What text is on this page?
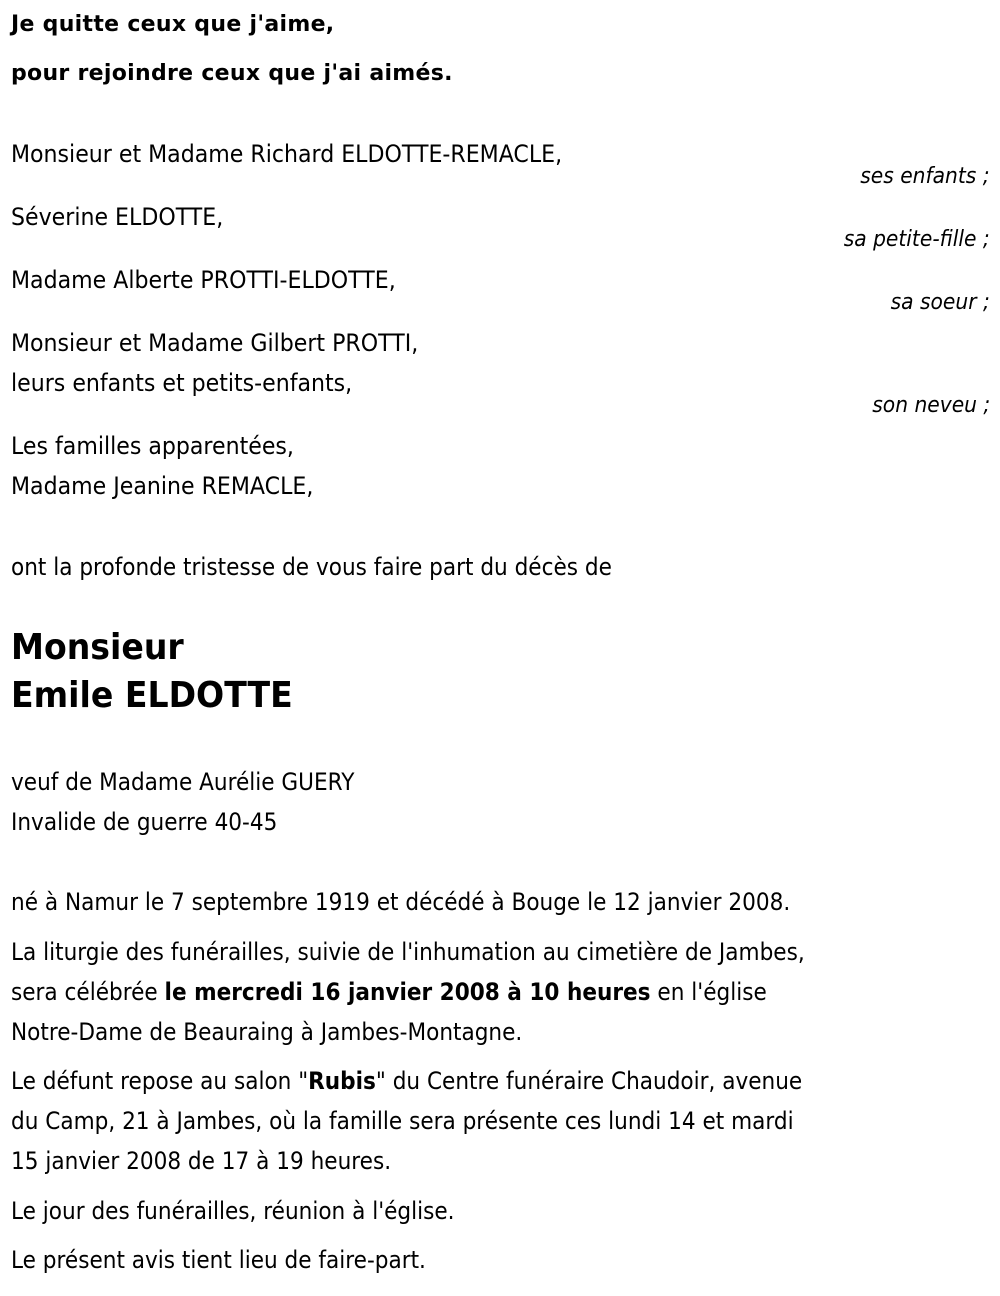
Je quitte ceux que j'aime,
pour rejoindre ceux que j'ai aimés.
Monsieur et Madame Richard ELDOTTE-REMACLE,
ses enfants ;
Séverine ELDOTTE,
sa petite-fille ;
Madame Alberte PROTTI-ELDOTTE,
sa soeur ;
Monsieur et Madame Gilbert PROTTI,
leurs enfants et petits-enfants,
son neveu ;
Les familles apparentées,
Madame Jeanine REMACLE,
ont la profonde tristesse de vous faire part du décès de
Monsieur
Emile ELDOTTE
veuf de Madame Aurélie GUERY
Invalide de guerre 40-45
né à Namur le 7 septembre 1919 et décédé à Bouge le 12 janvier 2008.
La liturgie des funérailles, suivie de l'inhumation au cimetière de Jambes,
sera célébrée le mercredi 16 janvier 2008 à 10 heures en l'église
Notre-Dame de Beauraing à Jambes-Montagne.
Le défunt repose au salon "Rubis" du Centre funéraire Chaudoir, avenue
du Camp, 21 à Jambes, où la famille sera présente ces lundi 14 et mardi
15 janvier 2008 de 17 à 19 heures.
Le jour des funérailles, réunion à l'église.
Le présent avis tient lieu de faire-part.
